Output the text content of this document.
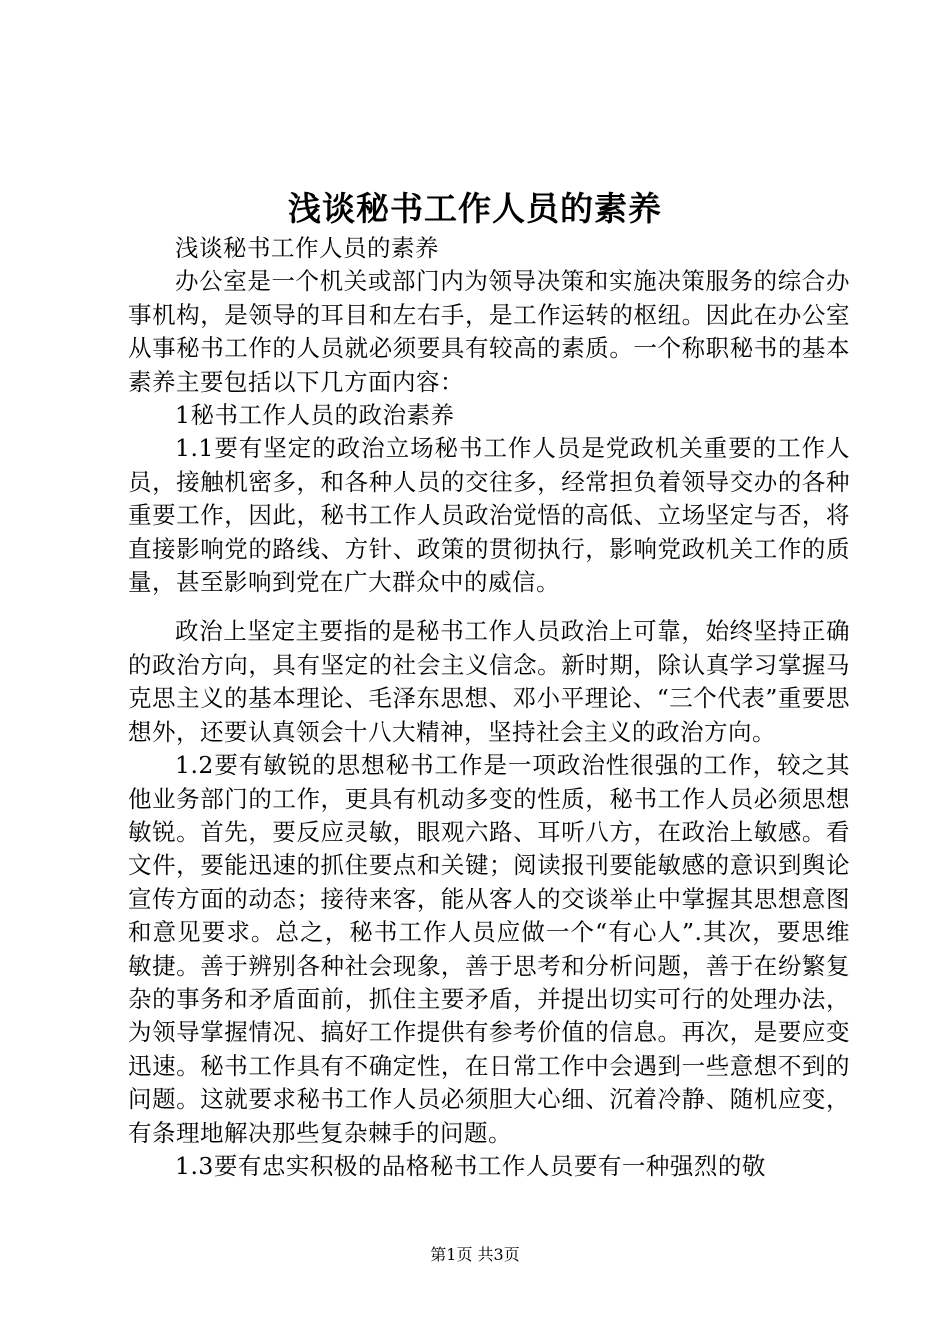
浅谈秘书工作人员的素养

浅谈秘书工作人员的素养

办公室是一个机关或部门内为领导决策和实施决策服务的综合办事机构，是领导的耳目和左右手，是工作运转的枢纽。因此在办公室从事秘书工作的人员就必须要具有较高的素质。一个称职秘书的基本素养主要包括以下几方面内容：

1秘书工作人员的政治素养

1.1要有坚定的政治立场秘书工作人员是党政机关重要的工作人员，接触机密多，和各种人员的交往多，经常担负着领导交办的各种重要工作，因此，秘书工作人员政治觉悟的高低、立场坚定与否，将直接影响党的路线、方针、政策的贯彻执行，影响党政机关工作的质量，甚至影响到党在广大群众中的威信。

政治上坚定主要指的是秘书工作人员政治上可靠，始终坚持正确的政治方向，具有坚定的社会主义信念。新时期，除认真学习掌握马克思主义的基本理论、毛泽东思想、邓小平理论、“三个代表”重要思想外，还要认真领会十八大精神，坚持社会主义的政治方向。

1.2要有敏锐的思想秘书工作是一项政治性很强的工作，较之其他业务部门的工作，更具有机动多变的性质，秘书工作人员必须思想敏锐。首先，要反应灵敏，眼观六路、耳听八方，在政治上敏感。看文件，要能迅速的抓住要点和关键；阅读报刊要能敏感的意识到舆论宣传方面的动态；接待来客，能从客人的交谈举止中掌握其思想意图和意见要求。总之，秘书工作人员应做一个“有心人”.其次，要思维敏捷。善于辨别各种社会现象，善于思考和分析问题，善于在纷繁复杂的事务和矛盾面前，抓住主要矛盾，并提出切实可行的处理办法，为领导掌握情况、搞好工作提供有参考价值的信息。再次，是要应变迅速。秘书工作具有不确定性，在日常工作中会遇到一些意想不到的问题。这就要求秘书工作人员必须胆大心细、沉着冷静、随机应变，有条理地解决那些复杂棘手的问题。

1.3要有忠实积极的品格秘书工作人员要有一种强烈的敬

第1页 共3页
